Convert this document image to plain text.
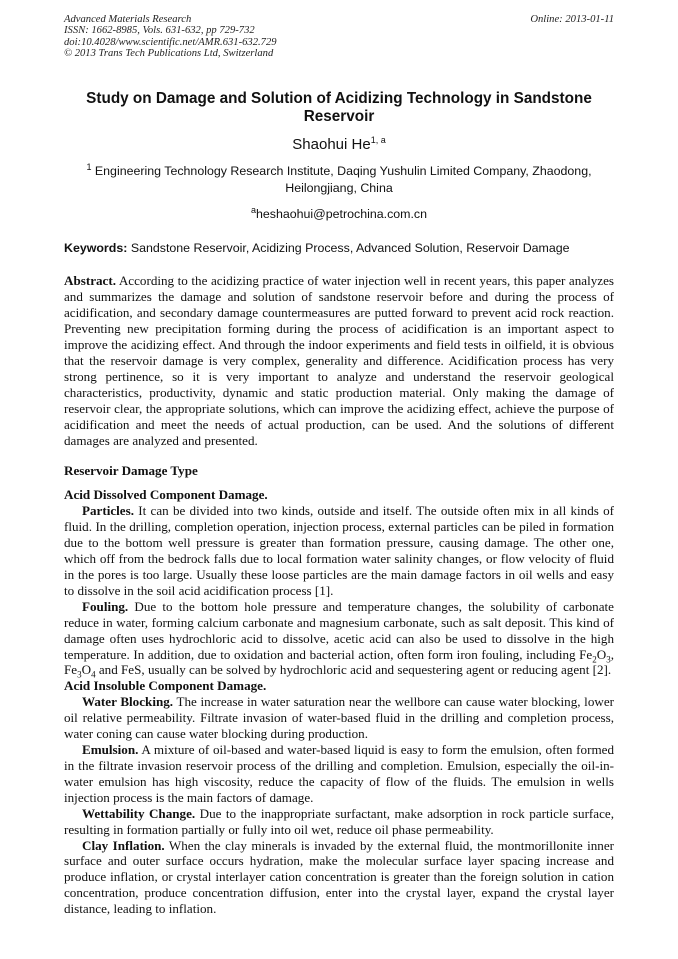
Advanced Materials Research
ISSN: 1662-8985, Vols. 631-632, pp 729-732
doi:10.4028/www.scientific.net/AMR.631-632.729
© 2013 Trans Tech Publications Ltd, Switzerland
Online: 2013-01-11
Study on Damage and Solution of Acidizing Technology in Sandstone Reservoir
Shaohui He$^{1, a}$
$^1$ Engineering Technology Research Institute, Daqing Yushulin Limited Company, Zhaodong, Heilongjiang, China
$^a$heshaohui@petrochina.com.cn
Keywords: Sandstone Reservoir, Acidizing Process, Advanced Solution, Reservoir Damage
Abstract. According to the acidizing practice of water injection well in recent years, this paper analyzes and summarizes the damage and solution of sandstone reservoir before and during the process of acidification, and secondary damage countermeasures are putted forward to prevent acid rock reaction. Preventing new precipitation forming during the process of acidification is an important aspect to improve the acidizing effect. And through the indoor experiments and field tests in oilfield, it is obvious that the reservoir damage is very complex, generality and difference. Acidification process has very strong pertinence, so it is very important to analyze and understand the reservoir geological characteristics, productivity, dynamic and static production material. Only making the damage of reservoir clear, the appropriate solutions, which can improve the acidizing effect, achieve the purpose of acidification and meet the needs of actual production, can be used. And the solutions of different damages are analyzed and presented.
Reservoir Damage Type
Acid Dissolved Component Damage.
Particles. It can be divided into two kinds, outside and itself. The outside often mix in all kinds of fluid. In the drilling, completion operation, injection process, external particles can be piled in formation due to the bottom well pressure is greater than formation pressure, causing damage. The other one, which off from the bedrock falls due to local formation water salinity changes, or flow velocity of fluid in the pores is too large. Usually these loose particles are the main damage factors in oil wells and easy to dissolve in the soil acid acidification process [1].
Fouling. Due to the bottom hole pressure and temperature changes, the solubility of carbonate reduce in water, forming calcium carbonate and magnesium carbonate, such as salt deposit. This kind of damage often uses hydrochloric acid to dissolve, acetic acid can also be used to dissolve in the high temperature. In addition, due to oxidation and bacterial action, often form iron fouling, including $Fe_2O_3$, $Fe_3O_4$ and FeS, usually can be solved by hydrochloric acid and sequestering agent or reducing agent [2].
Acid Insoluble Component Damage.
Water Blocking. The increase in water saturation near the wellbore can cause water blocking, lower oil relative permeability. Filtrate invasion of water-based fluid in the drilling and completion process, water coning can cause water blocking during production.
Emulsion. A mixture of oil-based and water-based liquid is easy to form the emulsion, often formed in the filtrate invasion reservoir process of the drilling and completion. Emulsion, especially the oil-in-water emulsion has high viscosity, reduce the capacity of flow of the fluids. The emulsion in wells injection process is the main factors of damage.
Wettability Change. Due to the inappropriate surfactant, make adsorption in rock particle surface, resulting in formation partially or fully into oil wet, reduce oil phase permeability.
Clay Inflation. When the clay minerals is invaded by the external fluid, the montmorillonite inner surface and outer surface occurs hydration, make the molecular surface layer spacing increase and produce inflation, or crystal interlayer cation concentration is greater than the foreign solution in cation concentration, produce concentration diffusion, enter into the crystal layer, expand the crystal layer distance, leading to inflation.
